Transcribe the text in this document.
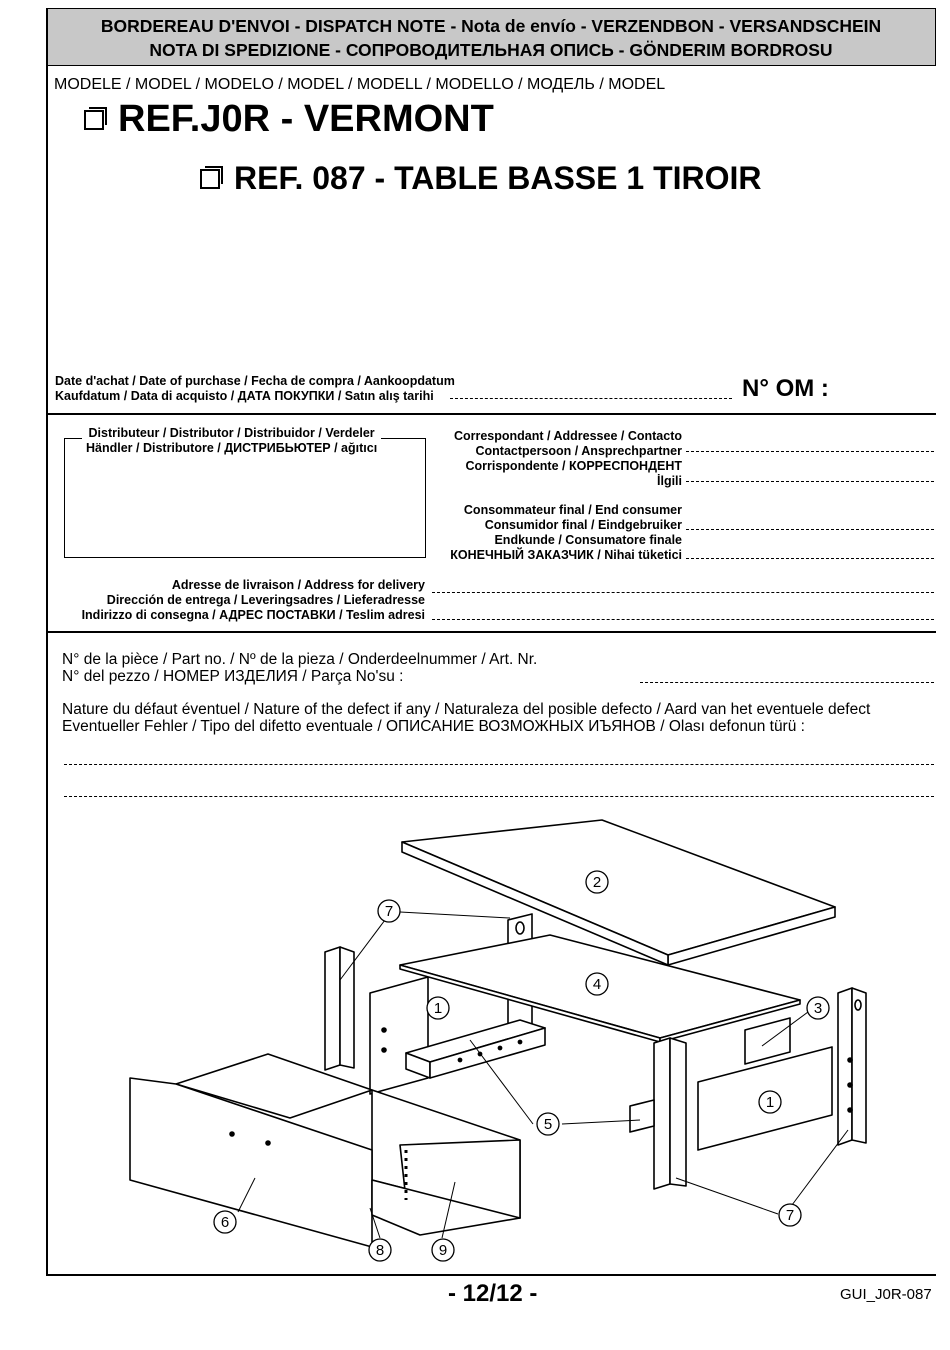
BORDEREAU D'ENVOI - DISPATCH NOTE - Nota de envío - VERZENDBON - VERSANDSCHEIN
NOTA DI SPEDIZIONE - СОПРОВОДИТЕЛЬНАЯ ОПИСЬ - GÖNDERIM BORDROSU
MODELE / MODEL / MODELO / MODEL / MODELL / MODELLO / МОДЕЛЬ / MODEL
REF.J0R - VERMONT
REF. 087 - TABLE BASSE 1 TIROIR
Date d'achat / Date of purchase / Fecha de compra / Aankoopdatum
Kaufdatum / Data di acquisto / ДАТА ПОКУПКИ / Satın alış tarihi	N° OM :
Distributeur / Distributor / Distribuidor / Verdeler
Händler / Distributore / ДИСТРИБЬЮТЕР / ağıtıcı
Correspondant / Addressee / Contacto
Contactpersoon / Ansprechpartner
Corrispondente / КОРРЕСПОНДЕНТ
İlgili
Consommateur final / End consumer
Consumidor final / Eindgebruiker
Endkunde / Consumatore finale
КОНЕЧНЫЙ ЗАКАЗЧИК / Nihai tüketici
Adresse de livraison / Address for delivery
Dirección de entrega / Leveringsadres / Lieferadresse
Indirizzo di consegna / АДРЕС ПОСТАВКИ / Teslim adresi
N° de la pièce / Part no. / Nº de la pieza / Onderdeelnummer / Art. Nr.
N° del pezzo / НОМЕР ИЗДЕЛИЯ / Parça No'su :
Nature du défaut éventuel / Nature of the defect if any / Naturaleza del posible defecto / Aard van het eventuele defect
Eventueller Fehler / Tipo del difetto eventuale / ОПИСАНИЕ ВОЗМОЖНЫХ ИЪЯНОВ / Olası defonun türü :
2
7
4
1	3
1
5
7
6
8	9
- 12/12 -	GUI_J0R-087
